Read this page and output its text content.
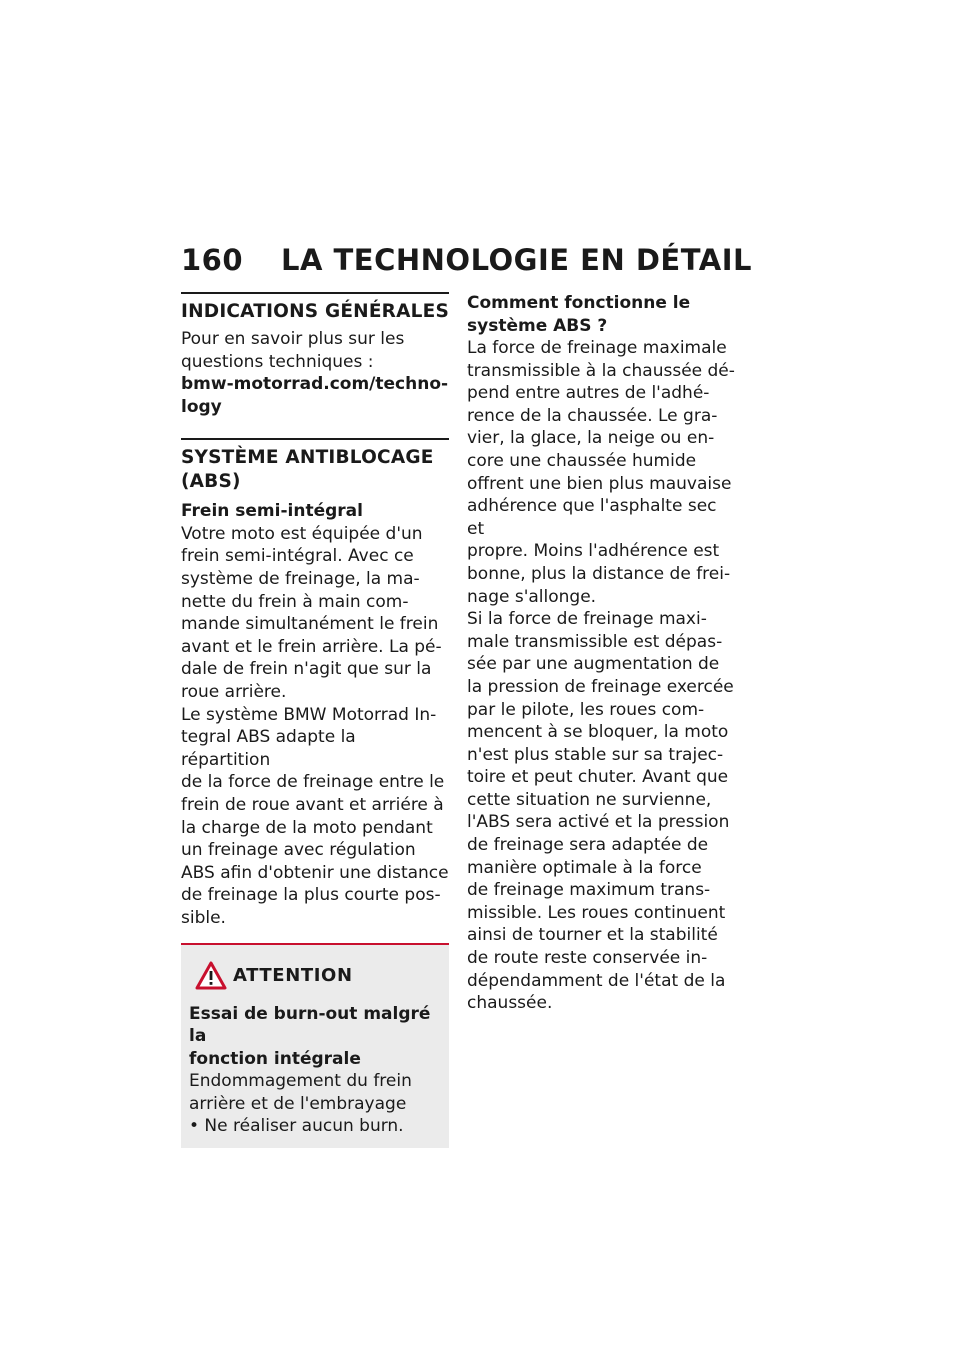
160 LA TECHNOLOGIE EN DÉTAIL
INDICATIONS GÉNÉRALES

Pour en savoir plus sur les

questions techniques :

bmw-motorrad.com/techno-

logy

SYSTÈME ANTIBLOCAGE
(ABS)
Frein semi-intégral

Votre moto est équipée d'un

frein semi-intégral. Avec ce

système de freinage, la ma-

nette du frein à main com-

mande simultanément le frein

avant et le frein arrière. La pé-

dale de frein n'agit que sur la

roue arrière.

Le système BMW Motorrad In-

tegral ABS adapte la répartition

de la force de freinage entre le

frein de roue avant et arriére à

la charge de la moto pendant

un freinage avec régulation

ABS afin d'obtenir une distance

de freinage la plus courte pos-

sible.

ATTENTION
Essai de burn-out malgré la
fonction intégrale

Endommagement du frein

arrière et de l'embrayage

• Ne réaliser aucun burn.

Comment fonctionne le
système ABS ?

La force de freinage maximale

transmissible à la chaussée dé-

pend entre autres de l'adhé-

rence de la chaussée. Le gra-

vier, la glace, la neige ou en-

core une chaussée humide

offrent une bien plus mauvaise

adhérence que l'asphalte sec et

propre. Moins l'adhérence est

bonne, plus la distance de frei-

nage s'allonge.

Si la force de freinage maxi-

male transmissible est dépas-

sée par une augmentation de

la pression de freinage exercée

par le pilote, les roues com-

mencent à se bloquer, la moto

n'est plus stable sur sa trajec-

toire et peut chuter. Avant que

cette situation ne survienne,

l'ABS sera activé et la pression

de freinage sera adaptée de

manière optimale à la force

de freinage maximum trans-

missible. Les roues continuent

ainsi de tourner et la stabilité

de route reste conservée in-

dépendamment de l'état de la

chaussée.
